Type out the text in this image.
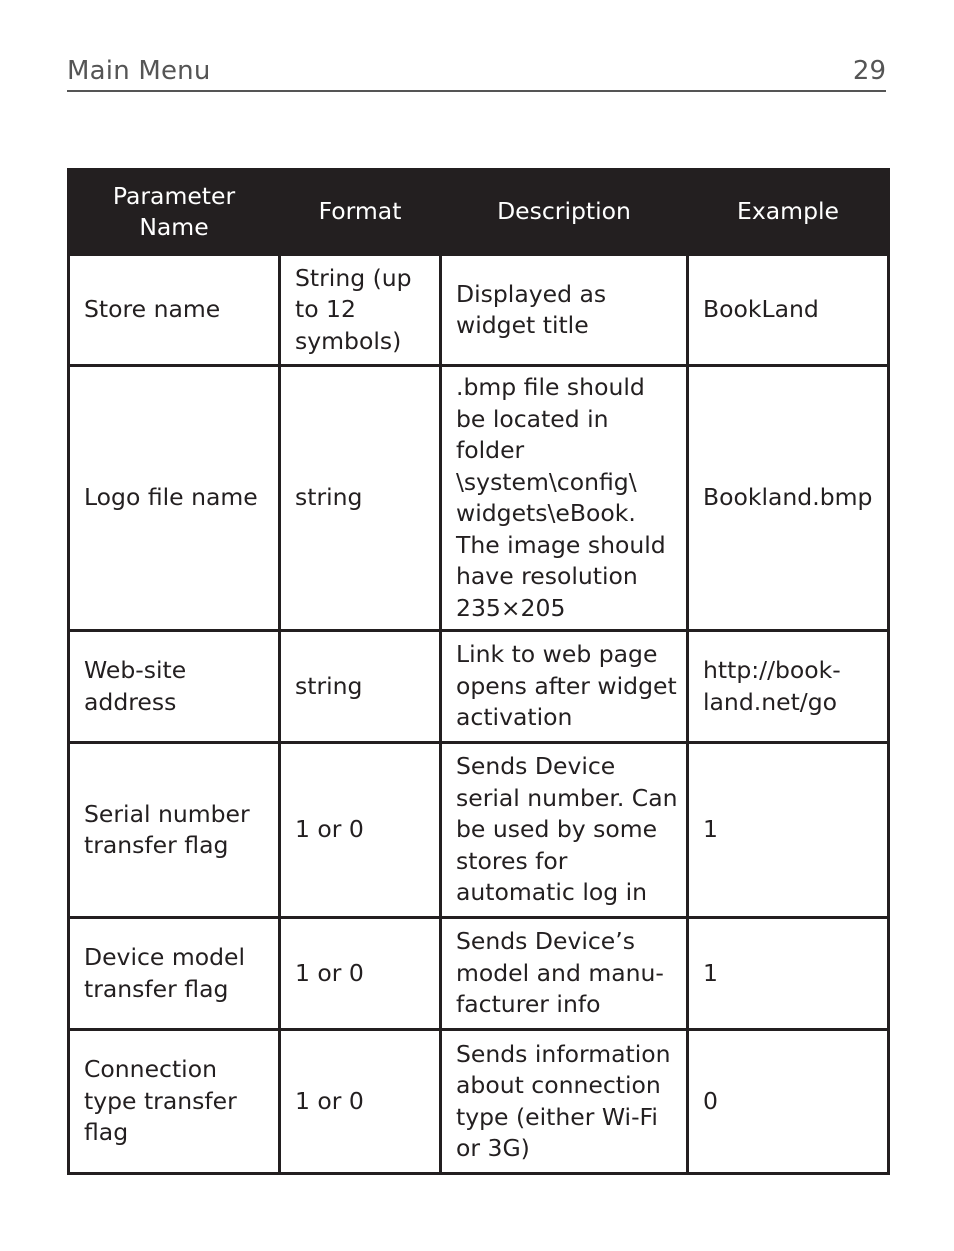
Main Menu	29
Parameter Name	Format	Description	Example
Store name	String (up to 12 symbols)	Displayed as widget title	BookLand
Logo file name	string	.bmp file should be located in folder \system\config\ widgets\eBook. The image should have resolution 235×205	Bookland.bmp
Web-site address	string	Link to web page opens after widget activation	http://book-land.net/go
Serial number transfer flag	1 or 0	Sends Device serial number. Can be used by some stores for automatic log in	1
Device model transfer flag	1 or 0	Sends Device’s model and manu-facturer info	1
Connection type transfer flag	1 or 0	Sends information about connection type (either Wi-Fi or 3G)	0
